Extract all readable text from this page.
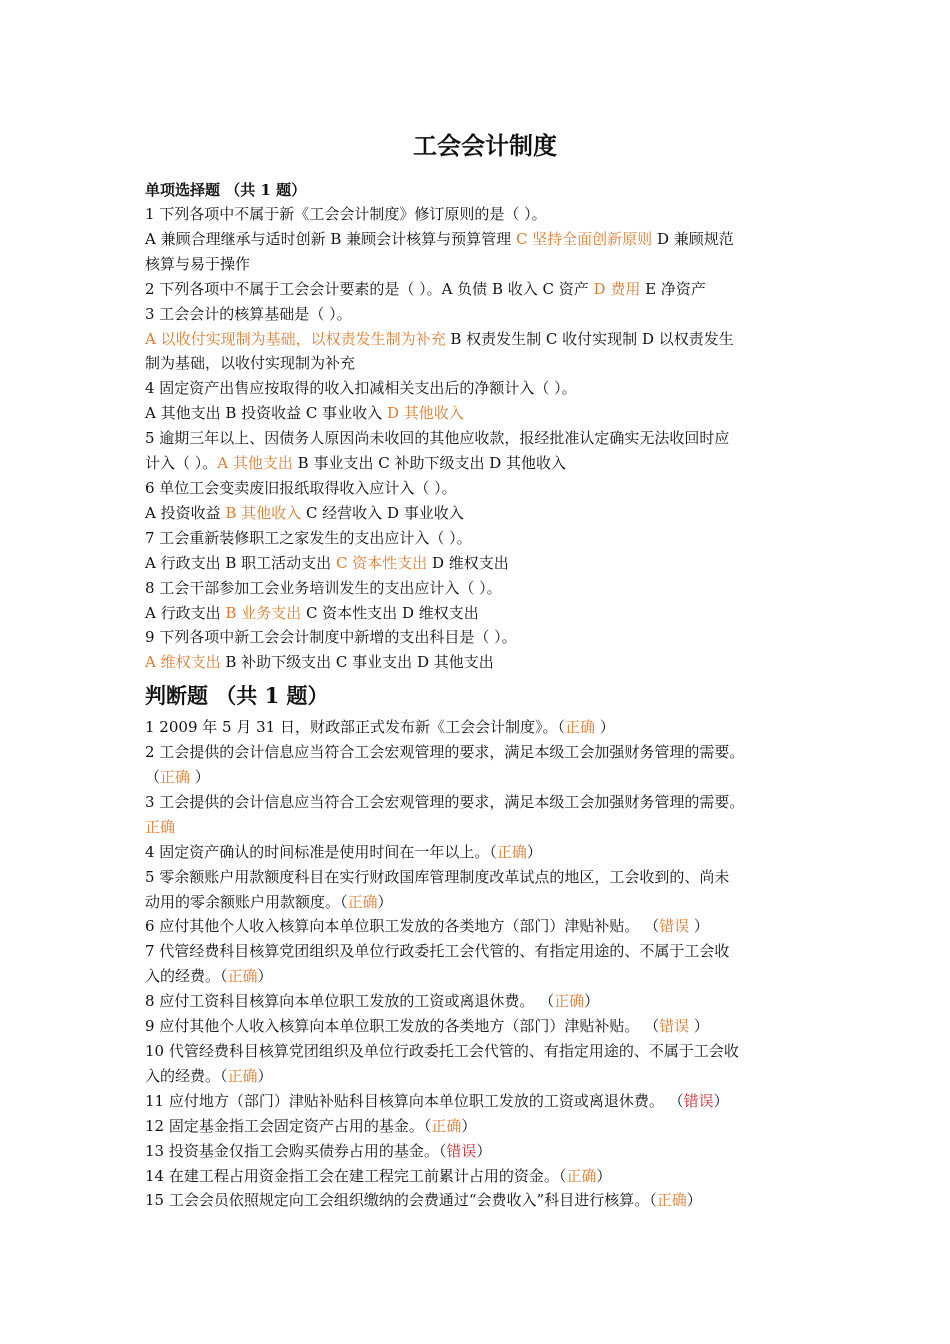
工会会计制度

单项选择题 （共 1 题）

1 下列各项中不属于新《工会会计制度》修订原则的是（ ）。

A 兼顾合理继承与适时创新 B 兼顾会计核算与预算管理 C 坚持全面创新原则 D 兼顾规范

核算与易于操作

2 下列各项中不属于工会会计要素的是（ ）。A 负债 B 收入 C 资产 D 费用 E 净资产

3 工会会计的核算基础是（ ）。

A 以收付实现制为基础，以权责发生制为补充 B 权责发生制 C 收付实现制 D 以权责发生

制为基础，以收付实现制为补充

4 固定资产出售应按取得的收入扣减相关支出后的净额计入（ ）。

A 其他支出 B 投资收益 C 事业收入 D 其他收入

5 逾期三年以上、因债务人原因尚未收回的其他应收款，报经批准认定确实无法收回时应

计入（ ）。A 其他支出 B 事业支出 C 补助下级支出 D 其他收入

6 单位工会变卖废旧报纸取得收入应计入（ ）。

A 投资收益 B 其他收入 C 经营收入 D 事业收入

7 工会重新装修职工之家发生的支出应计入（ ）。

A 行政支出 B 职工活动支出 C 资本性支出 D 维权支出

8 工会干部参加工会业务培训发生的支出应计入（ ）。

A 行政支出 B 业务支出 C 资本性支出 D 维权支出

9 下列各项中新工会会计制度中新增的支出科目是（ ）。

A 维权支出 B 补助下级支出 C 事业支出 D 其他支出

判断题 （共 1 题）

1 2009 年 5 月 31 日，财政部正式发布新《工会会计制度》。（正确 ）

2 工会提供的会计信息应当符合工会宏观管理的要求，满足本级工会加强财务管理的需要。

（正确 ）

3 工会提供的会计信息应当符合工会宏观管理的要求，满足本级工会加强财务管理的需要。

正确

4 固定资产确认的时间标准是使用时间在一年以上。（正确）

5 零余额账户用款额度科目在实行财政国库管理制度改革试点的地区，工会收到的、尚未

动用的零余额账户用款额度。（正确）

6 应付其他个人收入核算向本单位职工发放的各类地方（部门）津贴补贴。 （错误 ）

7 代管经费科目核算党团组织及单位行政委托工会代管的、有指定用途的、不属于工会收

入的经费。（正确）

8 应付工资科目核算向本单位职工发放的工资或离退休费。 （正确）

9 应付其他个人收入核算向本单位职工发放的各类地方（部门）津贴补贴。 （错误 ）

10 代管经费科目核算党团组织及单位行政委托工会代管的、有指定用途的、不属于工会收

入的经费。（正确）

11 应付地方（部门）津贴补贴科目核算向本单位职工发放的工资或离退休费。 （错误）

12 固定基金指工会固定资产占用的基金。（正确）

13 投资基金仅指工会购买债券占用的基金。（错误）

14 在建工程占用资金指工会在建工程完工前累计占用的资金。（正确）

15 工会会员依照规定向工会组织缴纳的会费通过“会费收入”科目进行核算。（正确）
